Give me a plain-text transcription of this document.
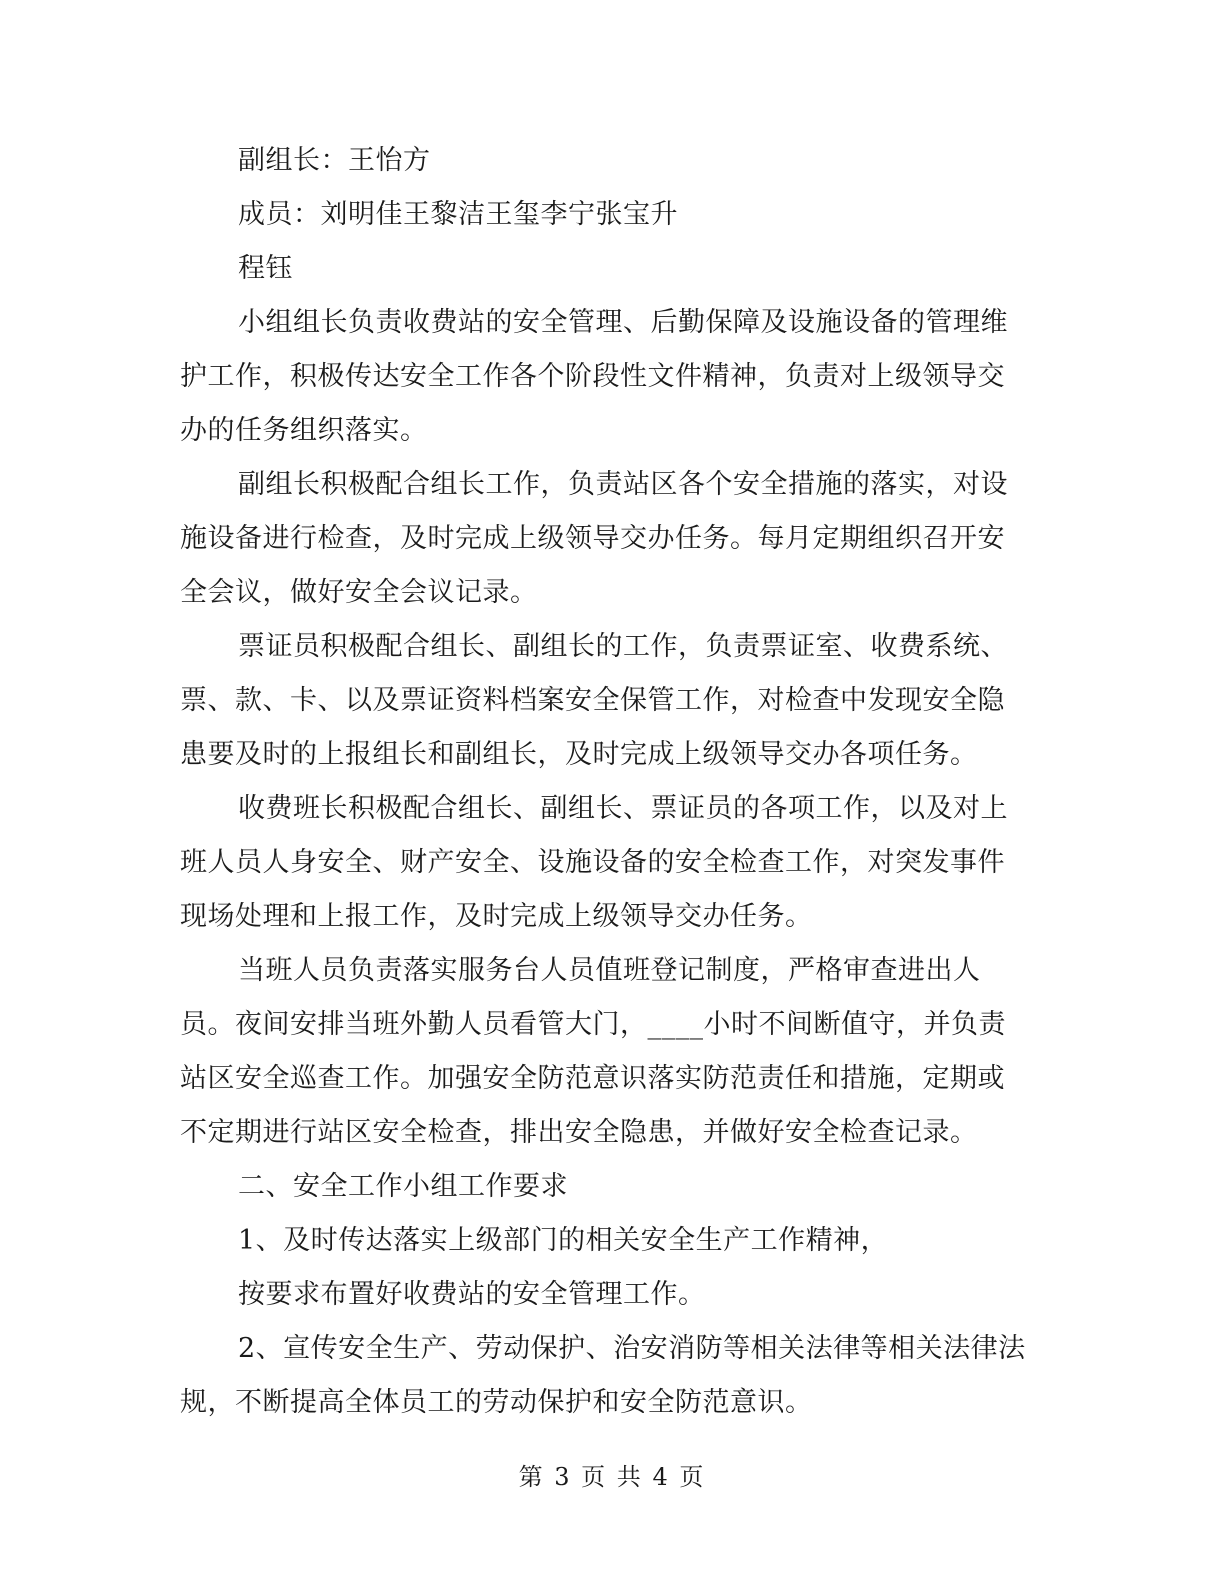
副组长：王怡方
成员：刘明佳王黎洁王玺李宁张宝升
程钰
小组组长负责收费站的安全管理、后勤保障及设施设备的管理维
护工作，积极传达安全工作各个阶段性文件精神，负责对上级领导交
办的任务组织落实。
副组长积极配合组长工作，负责站区各个安全措施的落实，对设
施设备进行检查，及时完成上级领导交办任务。每月定期组织召开安
全会议，做好安全会议记录。
票证员积极配合组长、副组长的工作，负责票证室、收费系统、
票、款、卡、以及票证资料档案安全保管工作，对检查中发现安全隐
患要及时的上报组长和副组长，及时完成上级领导交办各项任务。
收费班长积极配合组长、副组长、票证员的各项工作，以及对上
班人员人身安全、财产安全、设施设备的安全检查工作，对突发事件
现场处理和上报工作，及时完成上级领导交办任务。
当班人员负责落实服务台人员值班登记制度，严格审查进出人
员。夜间安排当班外勤人员看管大门，____小时不间断值守，并负责
站区安全巡查工作。加强安全防范意识落实防范责任和措施，定期或
不定期进行站区安全检查，排出安全隐患，并做好安全检查记录。
二、安全工作小组工作要求
1、及时传达落实上级部门的相关安全生产工作精神，
按要求布置好收费站的安全管理工作。
2、宣传安全生产、劳动保护、治安消防等相关法律等相关法律法
规，不断提高全体员工的劳动保护和安全防范意识。
第 3 页 共 4 页
